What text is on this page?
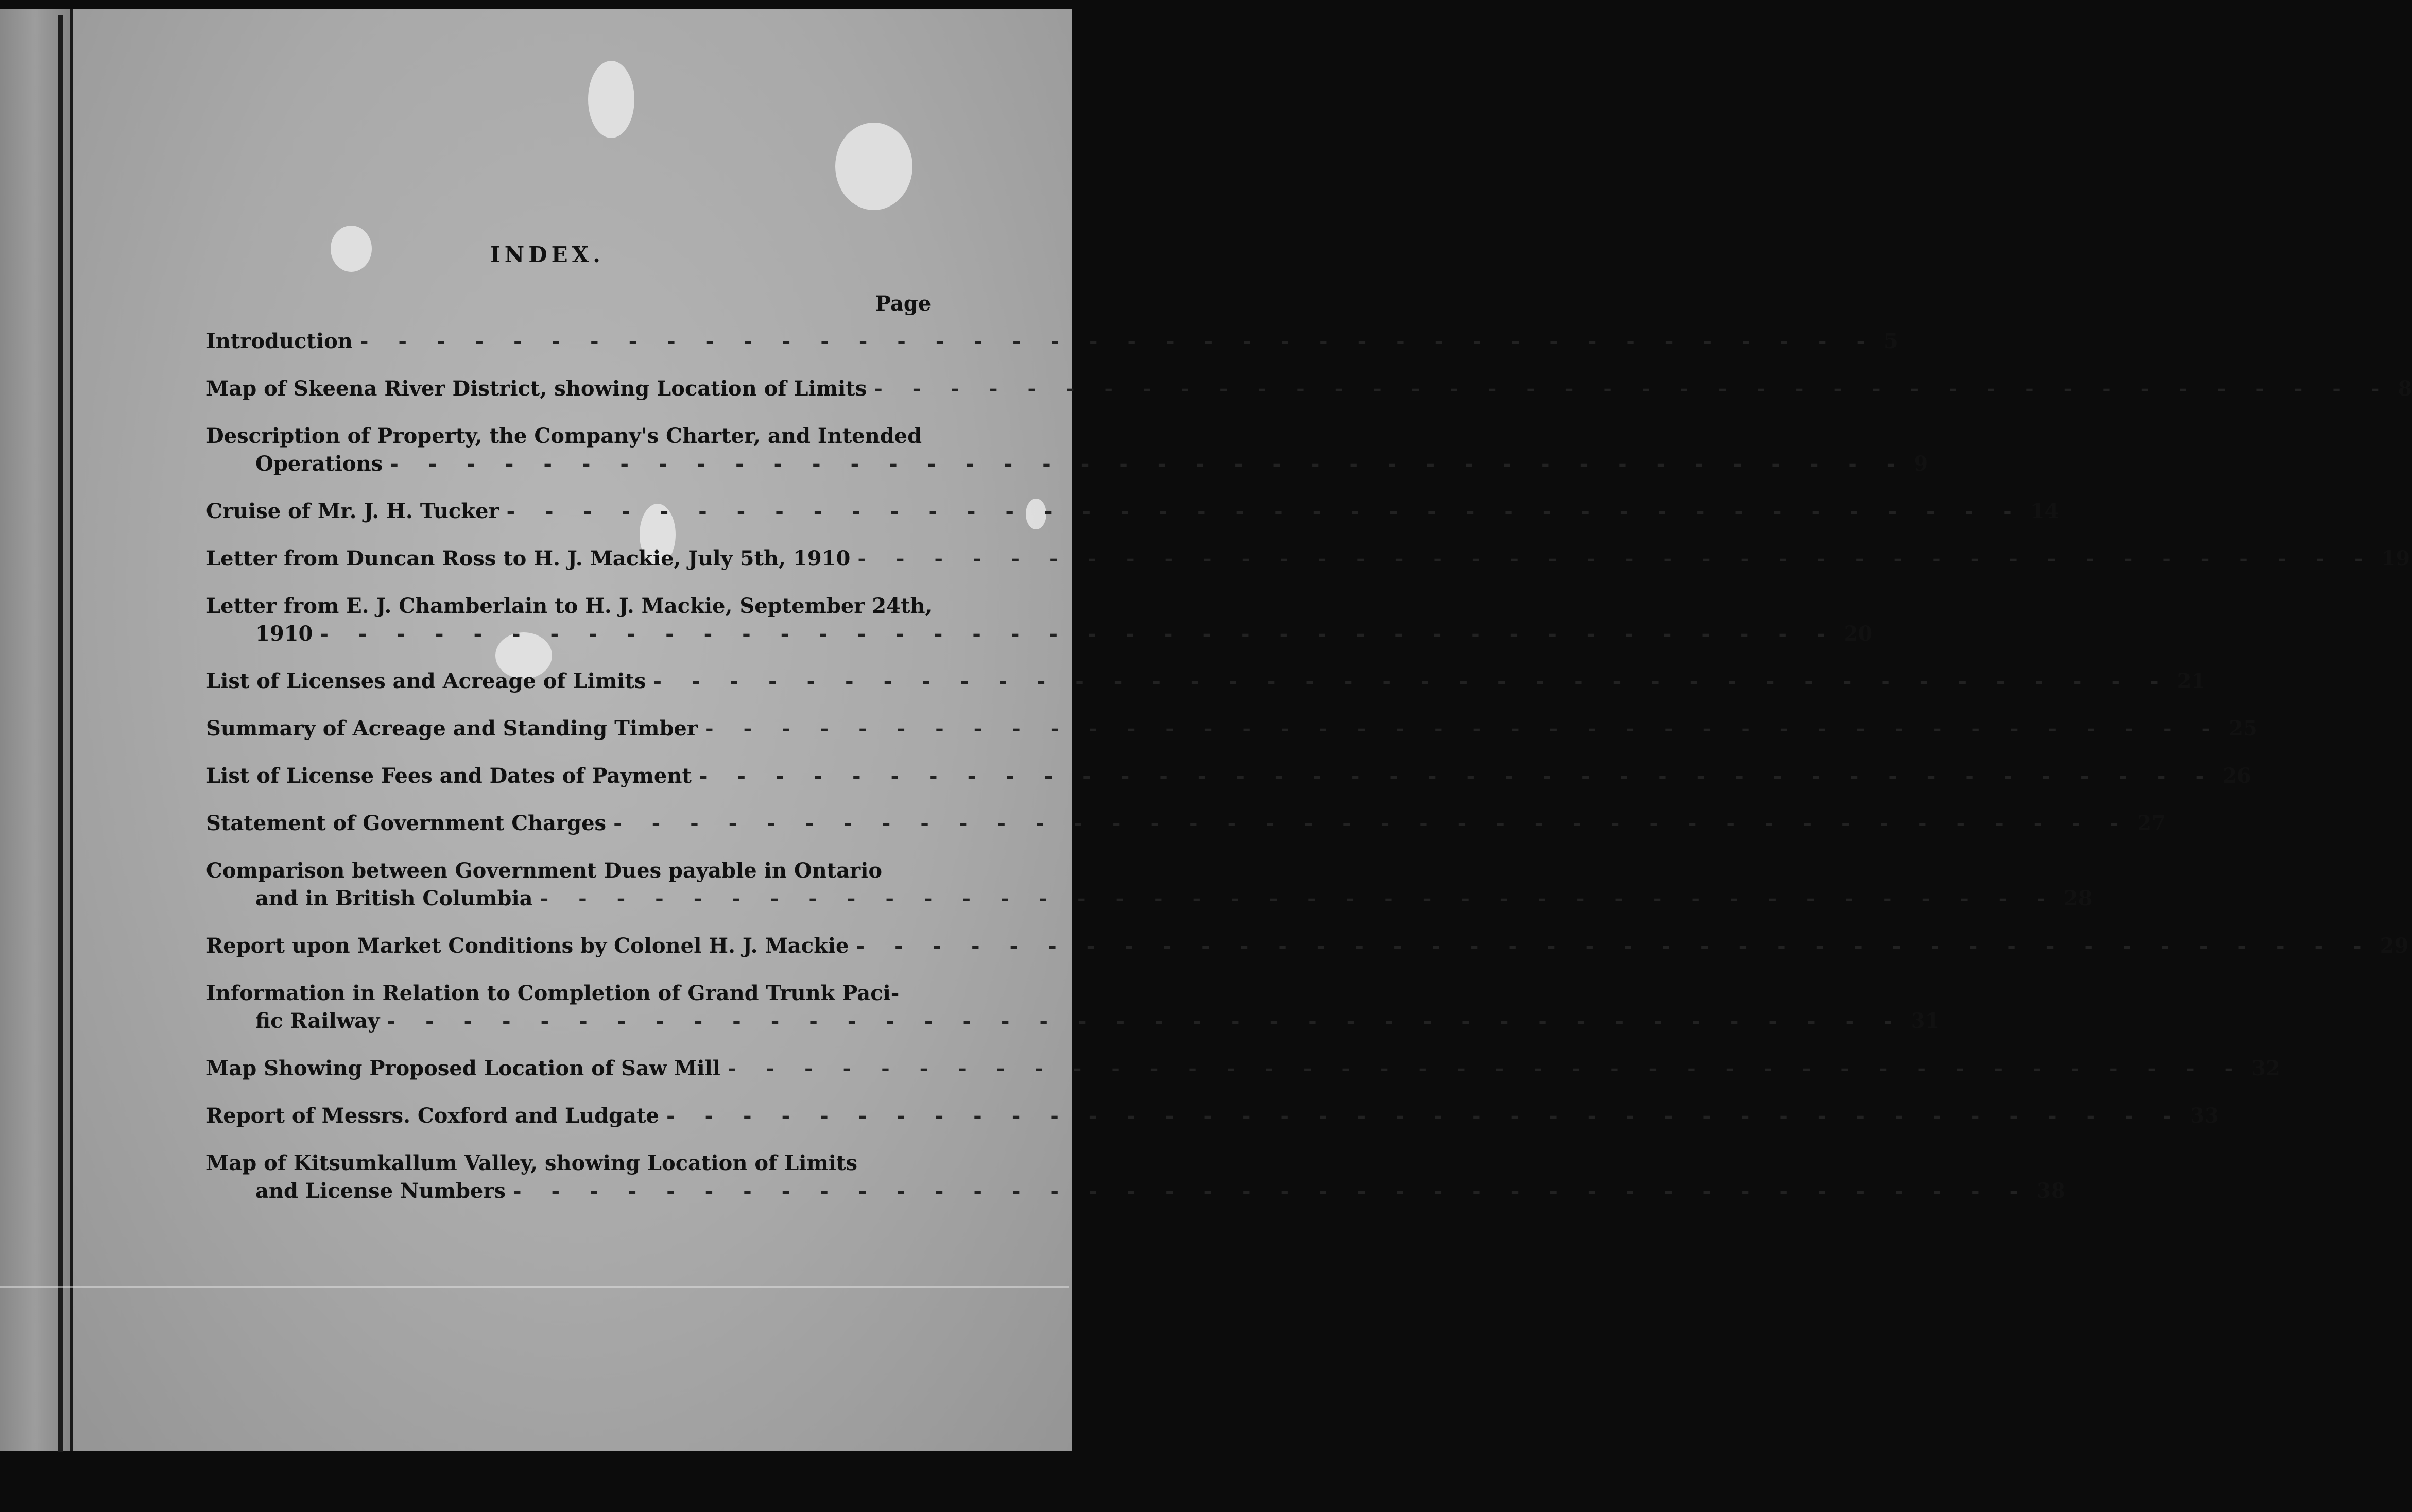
INDEX.
Page
Introduction - - - - - - - - - - - - - - - - - - - - - - - - - - - - - - - - - - - - - - - - 5
Map of Skeena River District, showing Location of Limits - - - - - - - - - - - - - - - - - - - - - - - - - - - - - - - - - - - - - - - - 8
Description of Property, the Company's Charter, and Intended
Operations - - - - - - - - - - - - - - - - - - - - - - - - - - - - - - - - - - - - - - - - 9
Cruise of Mr. J. H. Tucker - - - - - - - - - - - - - - - - - - - - - - - - - - - - - - - - - - - - - - - - 14
Letter from Duncan Ross to H. J. Mackie, July 5th, 1910 - - - - - - - - - - - - - - - - - - - - - - - - - - - - - - - - - - - - - - - - 19
Letter from E. J. Chamberlain to H. J. Mackie, September 24th,
1910 - - - - - - - - - - - - - - - - - - - - - - - - - - - - - - - - - - - - - - - - 20
List of Licenses and Acreage of Limits - - - - - - - - - - - - - - - - - - - - - - - - - - - - - - - - - - - - - - - - 21
Summary of Acreage and Standing Timber - - - - - - - - - - - - - - - - - - - - - - - - - - - - - - - - - - - - - - - - 25
List of License Fees and Dates of Payment - - - - - - - - - - - - - - - - - - - - - - - - - - - - - - - - - - - - - - - - 26
Statement of Government Charges - - - - - - - - - - - - - - - - - - - - - - - - - - - - - - - - - - - - - - - - 27
Comparison between Government Dues payable in Ontario
and in British Columbia - - - - - - - - - - - - - - - - - - - - - - - - - - - - - - - - - - - - - - - - 28
Report upon Market Conditions by Colonel H. J. Mackie - - - - - - - - - - - - - - - - - - - - - - - - - - - - - - - - - - - - - - - - 29
Information in Relation to Completion of Grand Trunk Paci-
fic Railway - - - - - - - - - - - - - - - - - - - - - - - - - - - - - - - - - - - - - - - - 31
Map Showing Proposed Location of Saw Mill - - - - - - - - - - - - - - - - - - - - - - - - - - - - - - - - - - - - - - - - 32
Report of Messrs. Coxford and Ludgate - - - - - - - - - - - - - - - - - - - - - - - - - - - - - - - - - - - - - - - - 33
Map of Kitsumkallum Valley, showing Location of Limits
and License Numbers - - - - - - - - - - - - - - - - - - - - - - - - - - - - - - - - - - - - - - - - 38
